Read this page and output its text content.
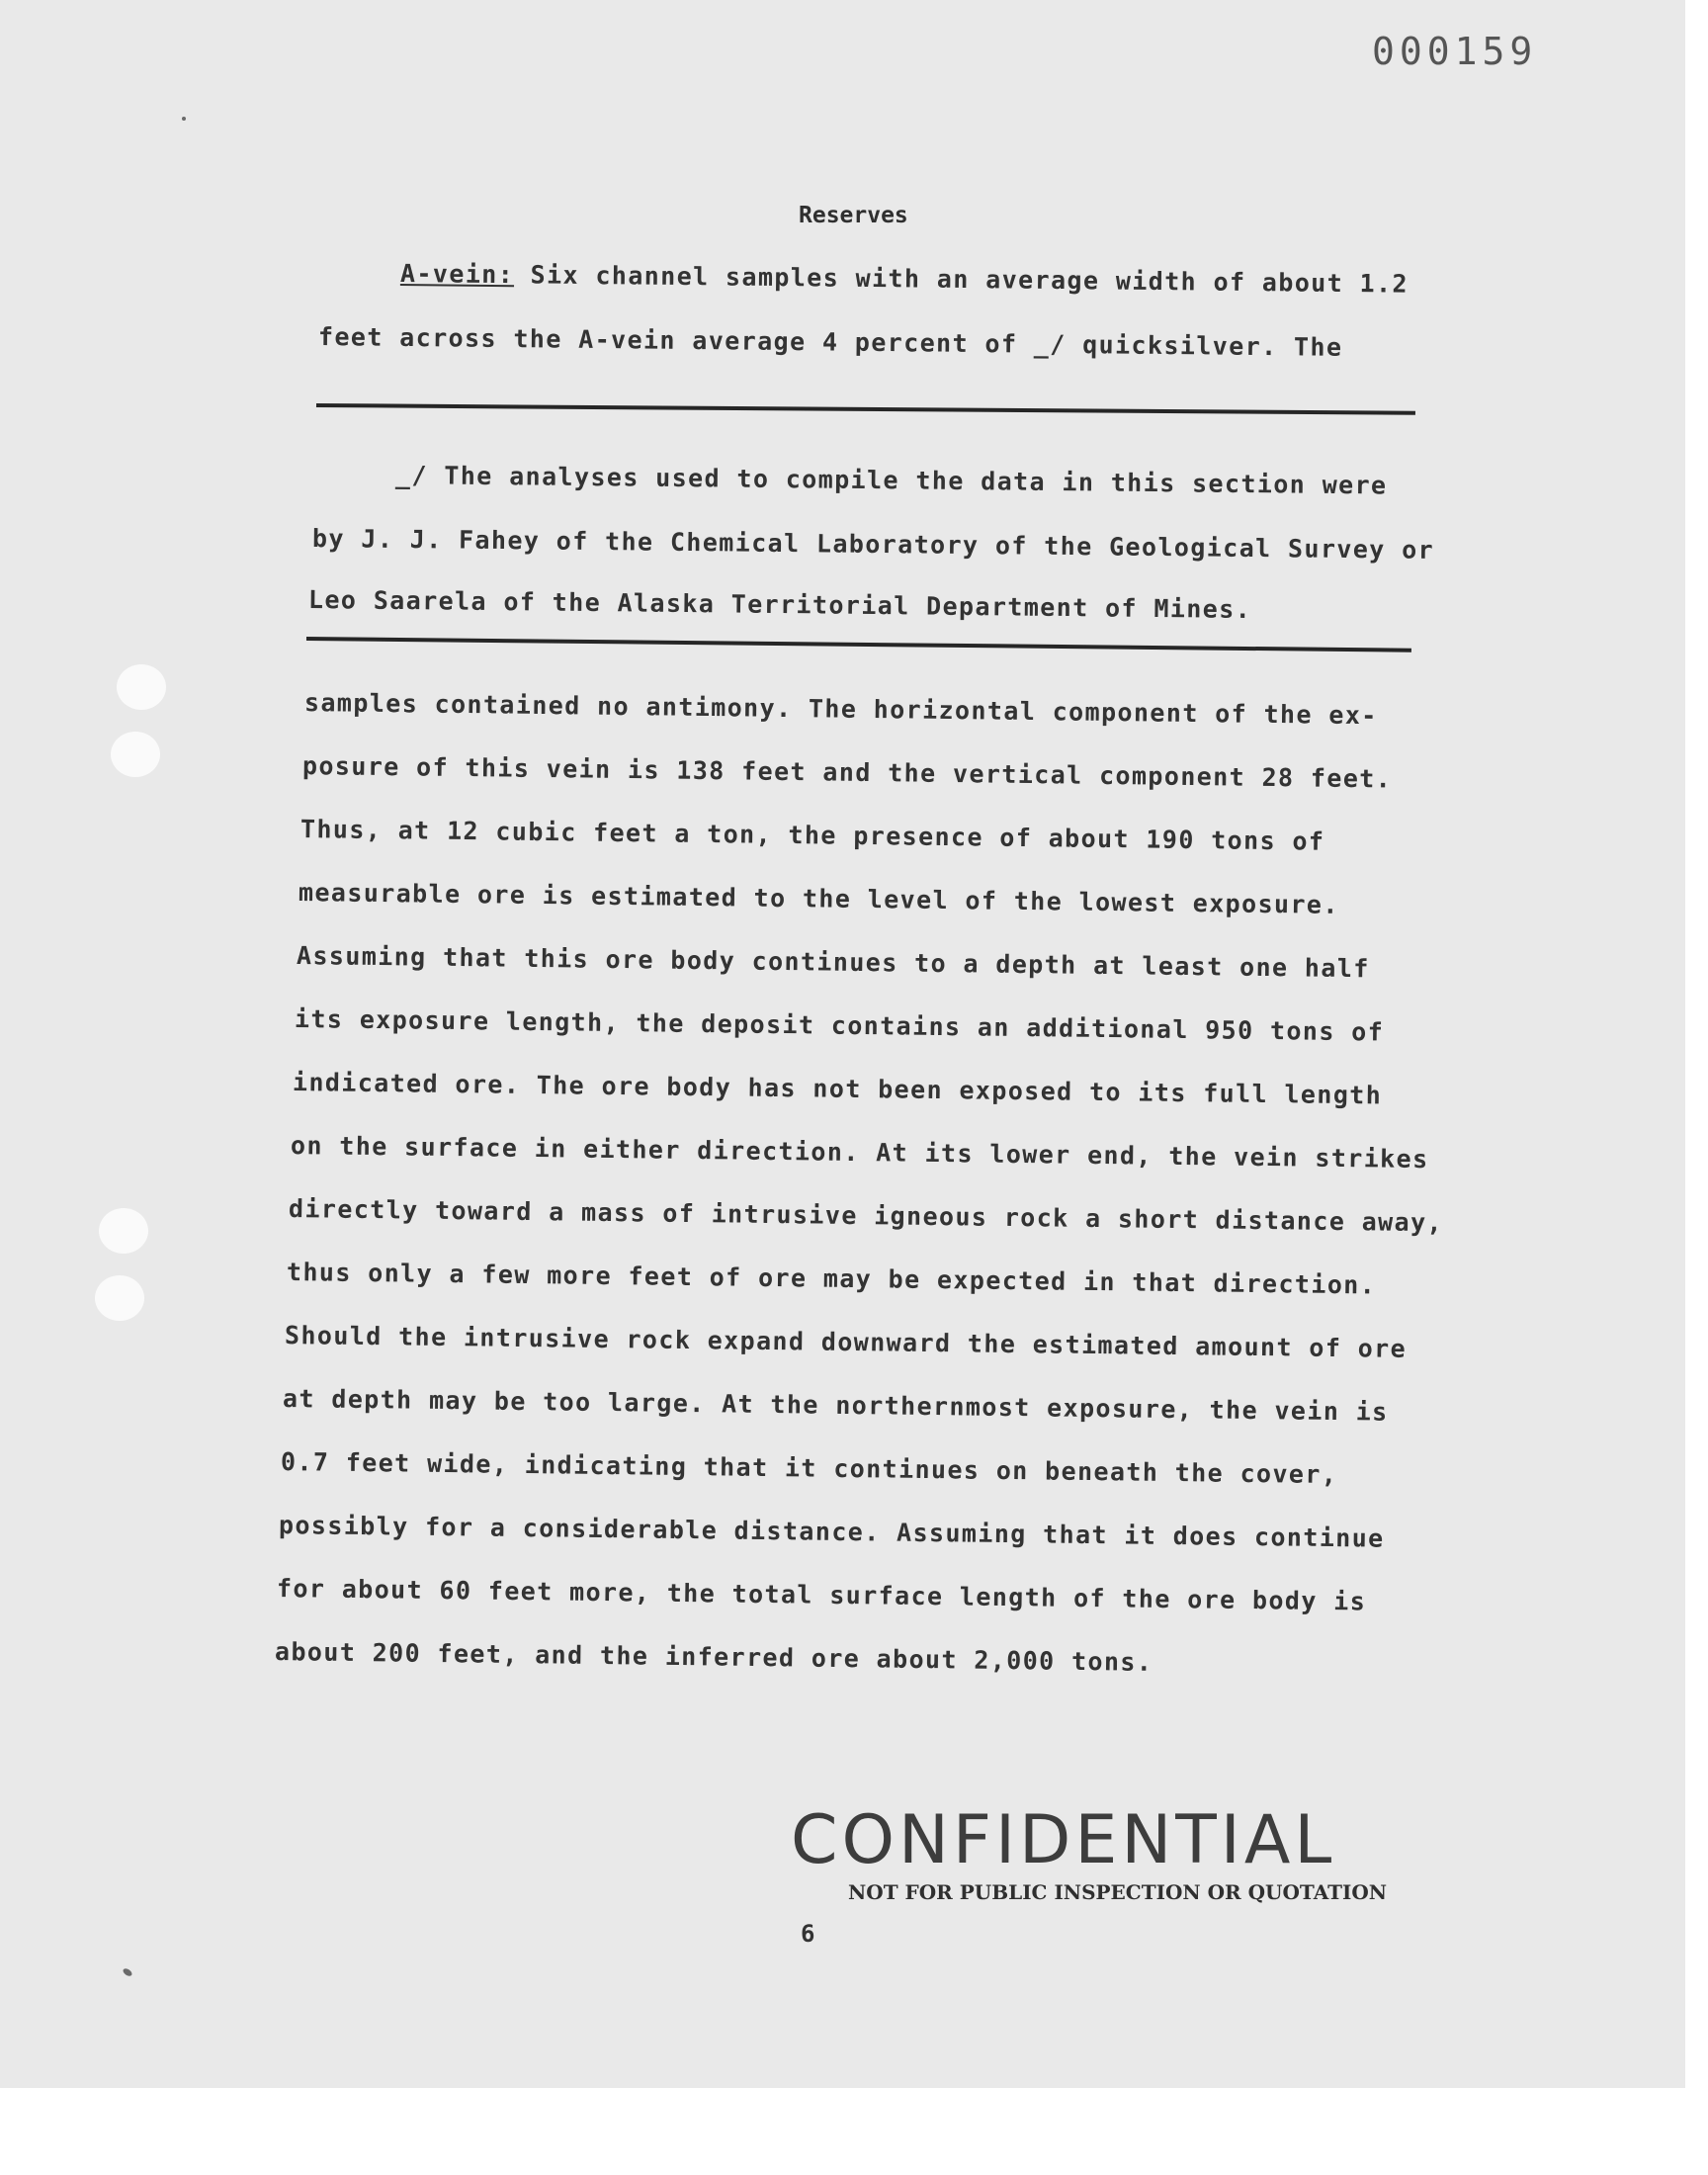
000159
Reserves
A-vein: Six channel samples with an average width of about 1.2
feet across the A-vein average 4 percent of _/ quicksilver. The
_/ The analyses used to compile the data in this section were
by J. J. Fahey of the Chemical Laboratory of the Geological Survey or
Leo Saarela of the Alaska Territorial Department of Mines.
samples contained no antimony. The horizontal component of the ex-
posure of this vein is 138 feet and the vertical component 28 feet.
Thus, at 12 cubic feet a ton, the presence of about 190 tons of
measurable ore is estimated to the level of the lowest exposure.
Assuming that this ore body continues to a depth at least one half
its exposure length, the deposit contains an additional 950 tons of
indicated ore. The ore body has not been exposed to its full length
on the surface in either direction. At its lower end, the vein strikes
directly toward a mass of intrusive igneous rock a short distance away,
thus only a few more feet of ore may be expected in that direction.
Should the intrusive rock expand downward the estimated amount of ore
at depth may be too large. At the northernmost exposure, the vein is
0.7 feet wide, indicating that it continues on beneath the cover,
possibly for a considerable distance. Assuming that it does continue
for about 60 feet more, the total surface length of the ore body is
about 200 feet, and the inferred ore about 2,000 tons.
CONFIDENTIAL
NOT FOR PUBLIC INSPECTION OR QUOTATION
6
